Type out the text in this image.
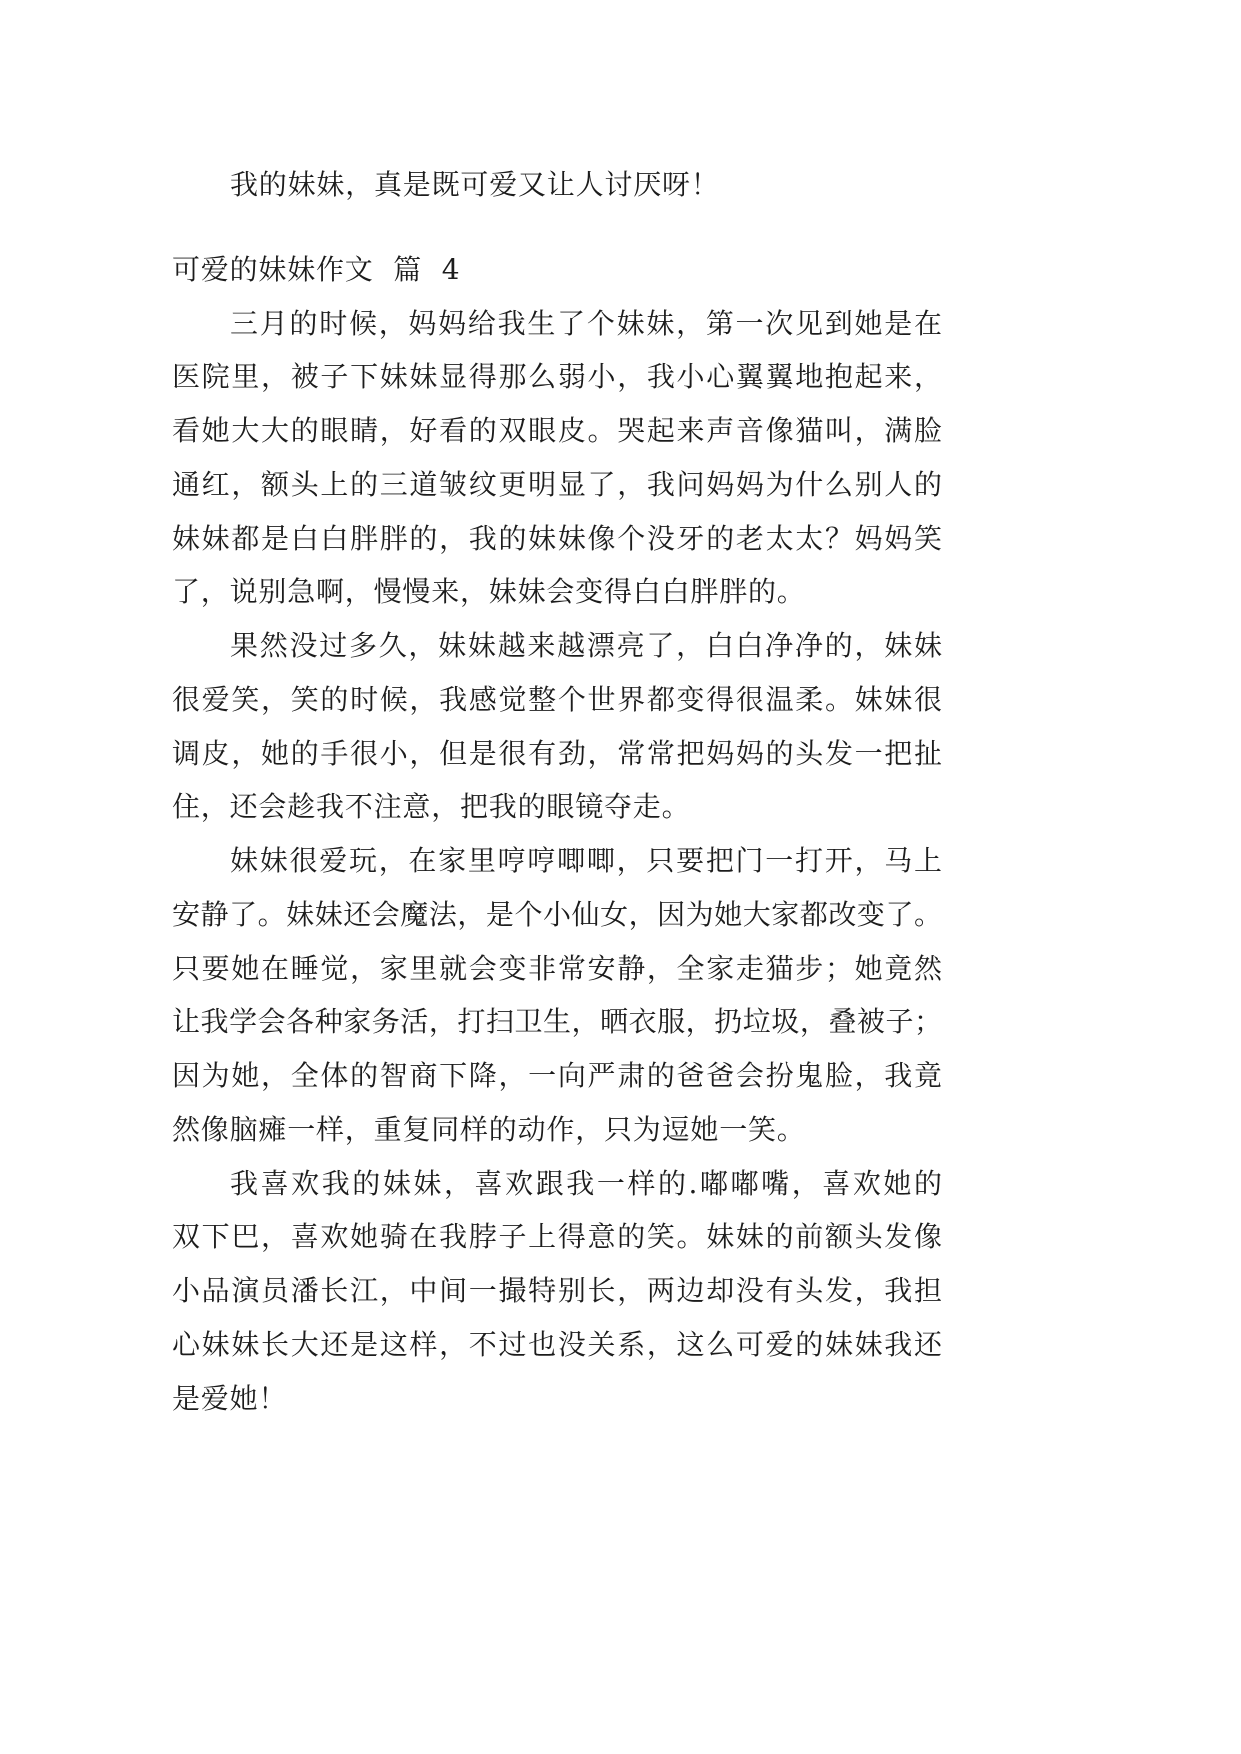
我的妹妹，真是既可爱又让人讨厌呀！
可爱的妹妹作文 篇 4
三月的时候，妈妈给我生了个妹妹，第一次见到她是在
医院里，被子下妹妹显得那么弱小，我小心翼翼地抱起来，
看她大大的眼睛，好看的双眼皮。哭起来声音像猫叫，满脸
通红，额头上的三道皱纹更明显了，我问妈妈为什么别人的
妹妹都是白白胖胖的，我的妹妹像个没牙的老太太？妈妈笑
了，说别急啊，慢慢来，妹妹会变得白白胖胖的。
果然没过多久，妹妹越来越漂亮了，白白净净的，妹妹
很爱笑，笑的时候，我感觉整个世界都变得很温柔。妹妹很
调皮，她的手很小，但是很有劲，常常把妈妈的头发一把扯
住，还会趁我不注意，把我的眼镜夺走。
妹妹很爱玩，在家里哼哼唧唧，只要把门一打开，马上
安静了。妹妹还会魔法，是个小仙女，因为她大家都改变了。
只要她在睡觉，家里就会变非常安静，全家走猫步；她竟然
让我学会各种家务活，打扫卫生，晒衣服，扔垃圾，叠被子；
因为她，全体的智商下降，一向严肃的爸爸会扮鬼脸，我竟
然像脑瘫一样，重复同样的动作，只为逗她一笑。
我喜欢我的妹妹，喜欢跟我一样的.嘟嘟嘴，喜欢她的
双下巴，喜欢她骑在我脖子上得意的笑。妹妹的前额头发像
小品演员潘长江，中间一撮特别长，两边却没有头发，我担
心妹妹长大还是这样，不过也没关系，这么可爱的妹妹我还
是爱她！
